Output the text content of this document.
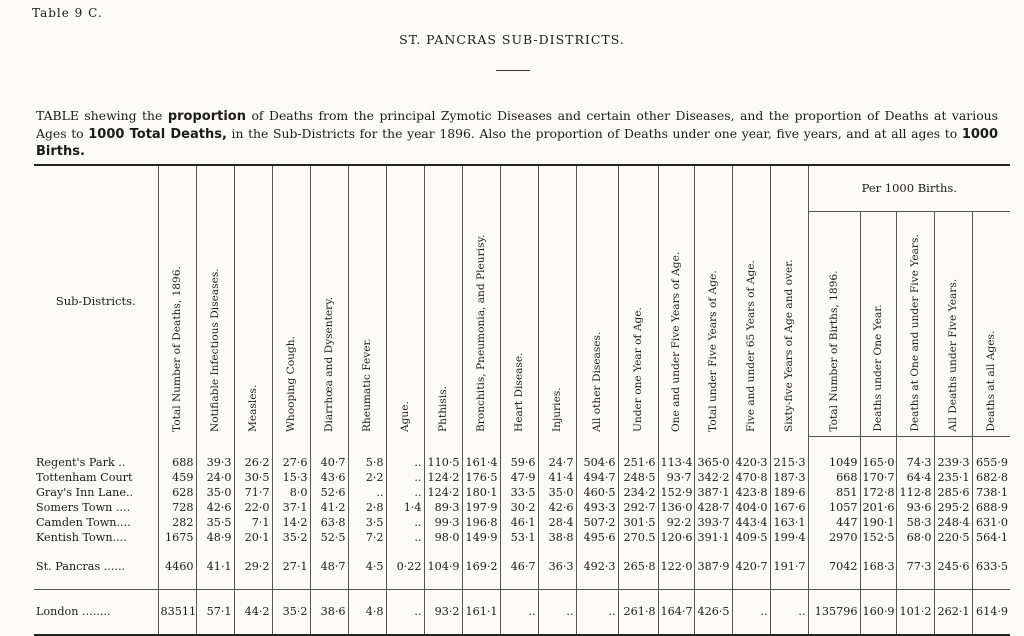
Table 9 C.
ST. PANCRAS SUB-DISTRICTS.

TABLE shewing the proportion of Deaths from the principal Zymotic Diseases and certain other Diseases, and the proportion of Deaths at various Ages to 1000 Total Deaths, in the Sub-Districts for the year 1896. Also the proportion of Deaths under one year, five years, and at all ages to 1000 Births.

Sub-Districts.	Total Number of Deaths, 1896.	Notifiable Infectious Diseases.	Measles.	Whooping Cough.	Diarrhœa and Dysentery.	Rheumatic Fever.	Ague.	Phthisis.	Bronchitis, Pneumonia, and Pleurisy.	Heart Disease.	Injuries.	All other Diseases.	Under one Year of Age.	One and under Five Years of Age.	Total under Five Years of Age.	Five and under 65 Years of Age.	Sixty-five Years of Age and over.	Per 1000 Births.				

																		Total Number of Births, 1896.	Deaths under One Year.	Deaths at One and under Five Years.	All Deaths under Five Years.	Deaths at all Ages.

Regent's Park ..	688	39·3	26·2	27·6	40·7	5·8	..	110·5	161·4	59·6	24·7	504·6	251·6	113·4	365·0	420·3	215·3	1049	165·0	74·3	239·3	655·9
Tottenham Court	459	24·0	30·5	15·3	43·6	2·2	..	124·2	176·5	47·9	41·4	494·7	248·5	93·7	342·2	470·8	187·3	668	170·7	64·4	235·1	682·8
Gray's Inn Lane..	628	35·0	71·7	8·0	52·6	..	..	124·2	180·1	33·5	35·0	460·5	234·2	152·9	387·1	423·8	189·6	851	172·8	112·8	285·6	738·1
Somers Town ....	728	42·6	22·0	37·1	41·2	2·8	1·4	89·3	197·9	30·2	42·6	493·3	292·7	136·0	428·7	404·0	167·6	1057	201·6	93·6	295·2	688·9
Camden Town....	282	35·5	7·1	14·2	63·8	3·5	..	99·3	196·8	46·1	28·4	507·2	301·5	92·2	393·7	443·4	163·1	447	190·1	58·3	248·4	631·0
Kentish Town....	1675	48·9	20·1	35·2	52·5	7·2	..	98·0	149·9	53·1	38·8	495·6	270.5	120·6	391·1	409·5	199·4	2970	152·5	68·0	220·5	564·1
St. Pancras ......	4460	41·1	29·2	27·1	48·7	4·5	0·22	104·9	169·2	46·7	36·3	492·3	265·8	122·0	387·9	420·7	191·7	7042	168·3	77·3	245·6	633·5
London ........	83511	57·1	44·2	35·2	38·6	4·8	..	93·2	161·1	..	..	..	261·8	164·7	426·5	..	..	135796	160·9	101·2	262·1	614·9
